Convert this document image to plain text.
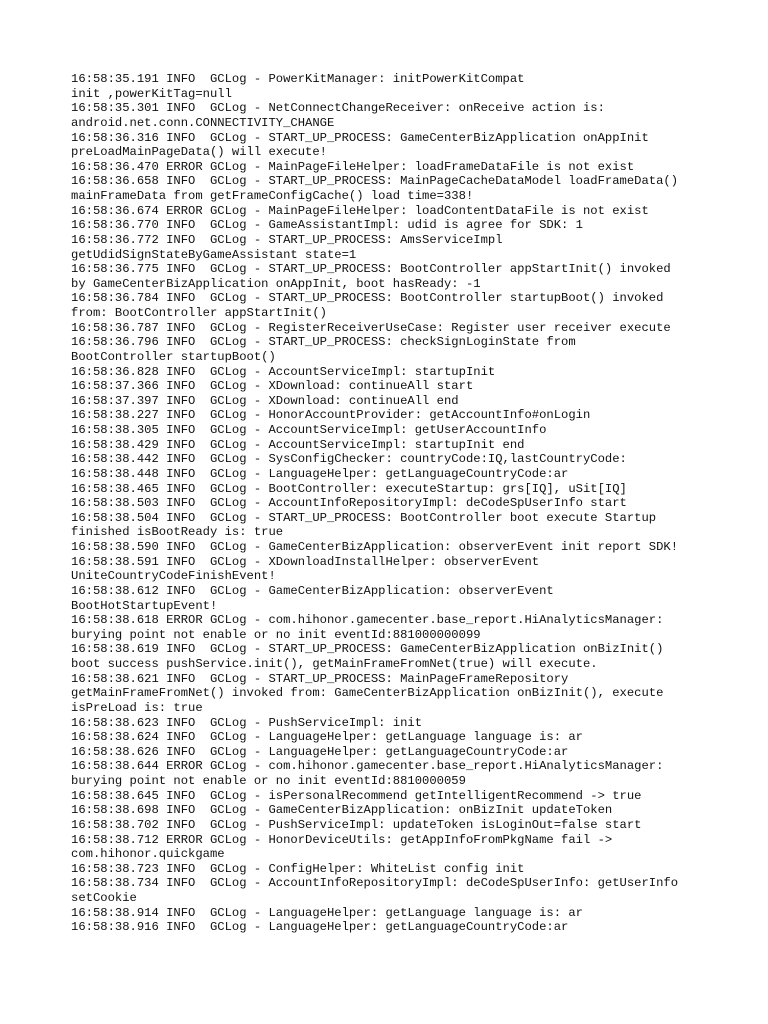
16:58:35.191 INFO  GCLog - PowerKitManager: initPowerKitCompat
init ,powerKitTag=null
16:58:35.301 INFO  GCLog - NetConnectChangeReceiver: onReceive action is:
android.net.conn.CONNECTIVITY_CHANGE
16:58:36.316 INFO  GCLog - START_UP_PROCESS: GameCenterBizApplication onAppInit
preLoadMainPageData() will execute!
16:58:36.470 ERROR GCLog - MainPageFileHelper: loadFrameDataFile is not exist
16:58:36.658 INFO  GCLog - START_UP_PROCESS: MainPageCacheDataModel loadFrameData()
mainFrameData from getFrameConfigCache() load time=338!
16:58:36.674 ERROR GCLog - MainPageFileHelper: loadContentDataFile is not exist
16:58:36.770 INFO  GCLog - GameAssistantImpl: udid is agree for SDK: 1
16:58:36.772 INFO  GCLog - START_UP_PROCESS: AmsServiceImpl
getUdidSignStateByGameAssistant state=1
16:58:36.775 INFO  GCLog - START_UP_PROCESS: BootController appStartInit() invoked
by GameCenterBizApplication onAppInit, boot hasReady: -1
16:58:36.784 INFO  GCLog - START_UP_PROCESS: BootController startupBoot() invoked
from: BootController appStartInit()
16:58:36.787 INFO  GCLog - RegisterReceiverUseCase: Register user receiver execute
16:58:36.796 INFO  GCLog - START_UP_PROCESS: checkSignLoginState from
BootController startupBoot()
16:58:36.828 INFO  GCLog - AccountServiceImpl: startupInit
16:58:37.366 INFO  GCLog - XDownload: continueAll start
16:58:37.397 INFO  GCLog - XDownload: continueAll end
16:58:38.227 INFO  GCLog - HonorAccountProvider: getAccountInfo#onLogin
16:58:38.305 INFO  GCLog - AccountServiceImpl: getUserAccountInfo
16:58:38.429 INFO  GCLog - AccountServiceImpl: startupInit end
16:58:38.442 INFO  GCLog - SysConfigChecker: countryCode:IQ,lastCountryCode:
16:58:38.448 INFO  GCLog - LanguageHelper: getLanguageCountryCode:ar
16:58:38.465 INFO  GCLog - BootController: executeStartup: grs[IQ], uSit[IQ]
16:58:38.503 INFO  GCLog - AccountInfoRepositoryImpl: deCodeSpUserInfo start
16:58:38.504 INFO  GCLog - START_UP_PROCESS: BootController boot execute Startup
finished isBootReady is: true
16:58:38.590 INFO  GCLog - GameCenterBizApplication: observerEvent init report SDK!
16:58:38.591 INFO  GCLog - XDownloadInstallHelper: observerEvent
UniteCountryCodeFinishEvent!
16:58:38.612 INFO  GCLog - GameCenterBizApplication: observerEvent
BootHotStartupEvent!
16:58:38.618 ERROR GCLog - com.hihonor.gamecenter.base_report.HiAnalyticsManager:
burying point not enable or no init eventId:881000000099
16:58:38.619 INFO  GCLog - START_UP_PROCESS: GameCenterBizApplication onBizInit()
boot success pushService.init(), getMainFrameFromNet(true) will execute.
16:58:38.621 INFO  GCLog - START_UP_PROCESS: MainPageFrameRepository
getMainFrameFromNet() invoked from: GameCenterBizApplication onBizInit(), execute
isPreLoad is: true
16:58:38.623 INFO  GCLog - PushServiceImpl: init
16:58:38.624 INFO  GCLog - LanguageHelper: getLanguage language is: ar
16:58:38.626 INFO  GCLog - LanguageHelper: getLanguageCountryCode:ar
16:58:38.644 ERROR GCLog - com.hihonor.gamecenter.base_report.HiAnalyticsManager:
burying point not enable or no init eventId:8810000059
16:58:38.645 INFO  GCLog - isPersonalRecommend getIntelligentRecommend -> true
16:58:38.698 INFO  GCLog - GameCenterBizApplication: onBizInit updateToken
16:58:38.702 INFO  GCLog - PushServiceImpl: updateToken isLoginOut=false start
16:58:38.712 ERROR GCLog - HonorDeviceUtils: getAppInfoFromPkgName fail ->
com.hihonor.quickgame
16:58:38.723 INFO  GCLog - ConfigHelper: WhiteList config init
16:58:38.734 INFO  GCLog - AccountInfoRepositoryImpl: deCodeSpUserInfo: getUserInfo
setCookie
16:58:38.914 INFO  GCLog - LanguageHelper: getLanguage language is: ar
16:58:38.916 INFO  GCLog - LanguageHelper: getLanguageCountryCode:ar
